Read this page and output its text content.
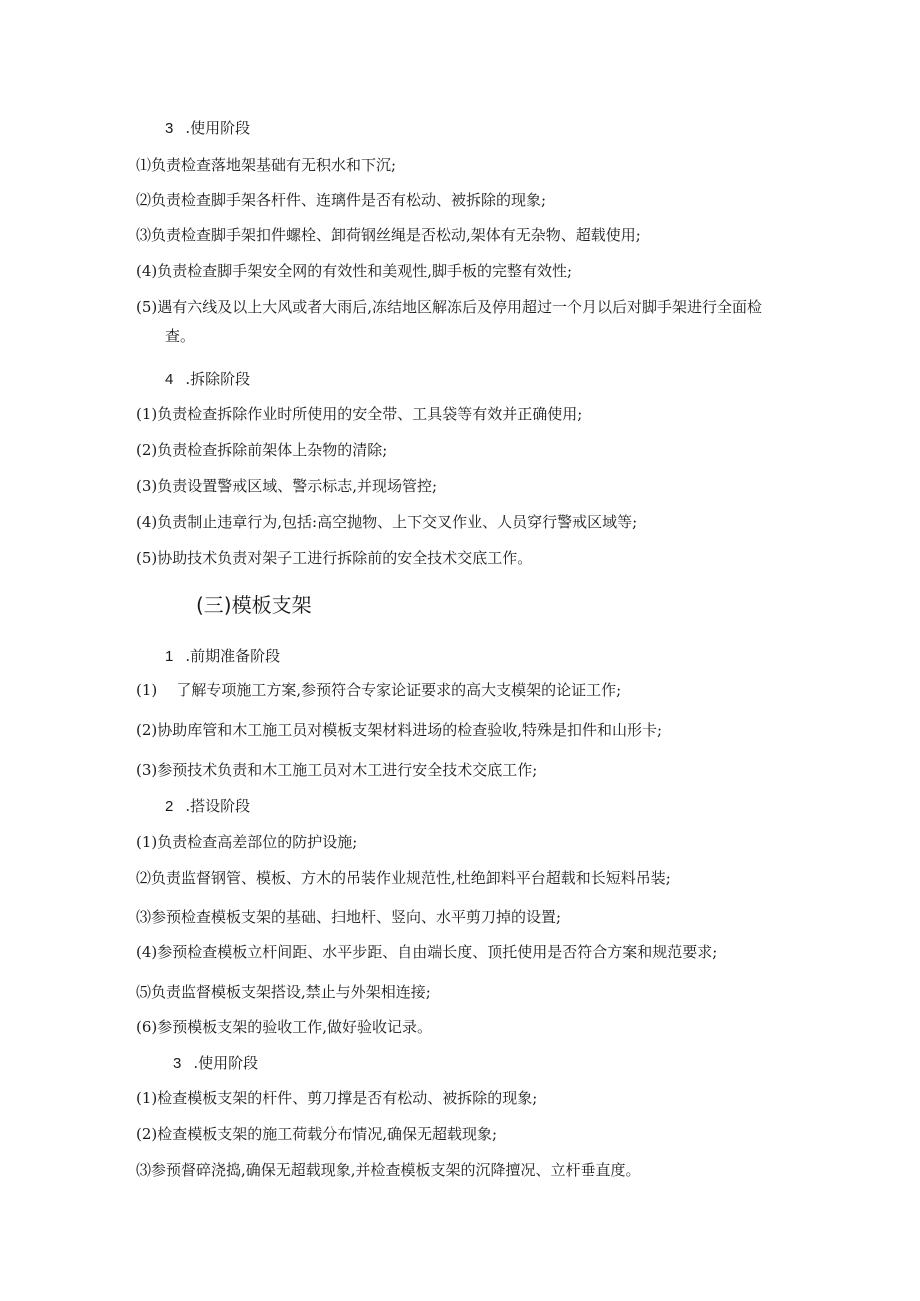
3 .使用阶段
⑴负责检查落地架基础有无积水和下沉;
⑵负责检查脚手架各杆件、连璃件是否有松动、被拆除的现象;
⑶负责检查脚手架扣件螺栓、卸荷钢丝绳是否松动,架体有无杂物、超载使用;
(4)负责检查脚手架安全网的有效性和美观性,脚手板的完整有效性;
(5)遇有六线及以上大风或者大雨后,冻结地区解冻后及停用超过一个月以后对脚手架进行全面检
查。
4 .拆除阶段
(1)负责检查拆除作业时所使用的安全带、工具袋等有效并正确使用;
(2)负责检查拆除前架体上杂物的清除;
(3)负责设置警戒区域、警示标志,并现场管控;
(4)负责制止违章行为,包括:高空抛物、上下交叉作业、人员穿行警戒区域等;
(5)协助技术负责对架子工进行拆除前的安全技术交底工作。
(三)模板支架
1 .前期准备阶段
(1)    了解专项施工方案,参预符合专家论证要求的高大支模架的论证工作;
(2)协助库管和木工施工员对模板支架材料进场的检查验收,特殊是扣件和山形卡;
(3)参预技术负责和木工施工员对木工进行安全技术交底工作;
2 .搭设阶段
(1)负责检查高差部位的防护设施;
⑵负责监督钢管、模板、方木的吊装作业规范性,杜绝卸料平台超载和长短料吊装;
⑶参预检查模板支架的基础、扫地杆、竖向、水平剪刀掉的设置;
(4)参预检查模板立杆间距、水平步距、自由端长度、顶托使用是否符合方案和规范要求;
⑸负责监督模板支架搭设,禁止与外架相连接;
(6)参预模板支架的验收工作,做好验收记录。
3 .使用阶段
(1)检查模板支架的杆件、剪刀撑是否有松动、被拆除的现象;
(2)检查模板支架的施工荷载分布情况,确保无超载现象;
⑶参预督碎浇捣,确保无超载现象,并检查模板支架的沉降擅况、立杆垂直度。
